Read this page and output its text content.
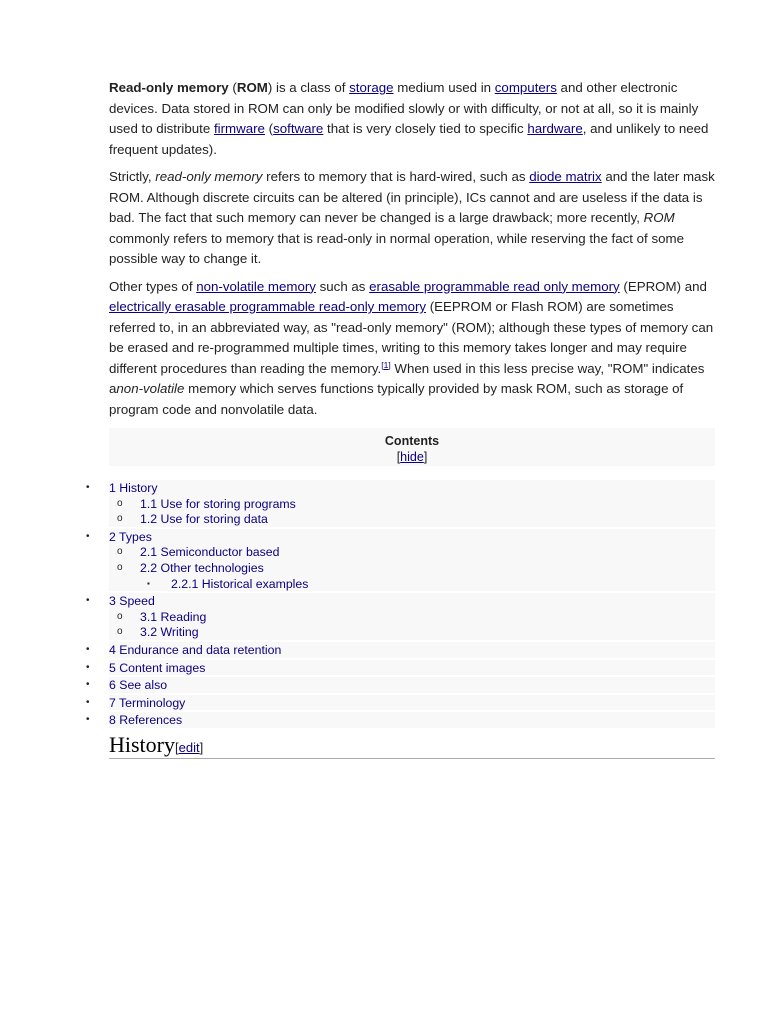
Read-only memory (ROM) is a class of storage medium used in computers and other electronic devices. Data stored in ROM can only be modified slowly or with difficulty, or not at all, so it is mainly used to distribute firmware (software that is very closely tied to specific hardware, and unlikely to need frequent updates).

Strictly, read-only memory refers to memory that is hard-wired, such as diode matrix and the later mask ROM. Although discrete circuits can be altered (in principle), ICs cannot and are useless if the data is bad. The fact that such memory can never be changed is a large drawback; more recently, ROM commonly refers to memory that is read-only in normal operation, while reserving the fact of some possible way to change it.

Other types of non-volatile memory such as erasable programmable read only memory (EPROM) and electrically erasable programmable read-only memory (EEPROM or Flash ROM) are sometimes referred to, in an abbreviated way, as "read-only memory" (ROM); although these types of memory can be erased and re-programmed multiple times, writing to this memory takes longer and may require different procedures than reading the memory.[1] When used in this less precise way, "ROM" indicates anon-volatile memory which serves functions typically provided by mask ROM, such as storage of program code and nonvolatile data.

Contents
[hide]
• 1 History
o 1.1 Use for storing programs
o 1.2 Use for storing data
• 2 Types
o 2.1 Semiconductor based
o 2.2 Other technologies
▪ 2.2.1 Historical examples
• 3 Speed
o 3.1 Reading
o 3.2 Writing
• 4 Endurance and data retention
• 5 Content images
• 6 See also
• 7 Terminology
• 8 References
History[edit]
